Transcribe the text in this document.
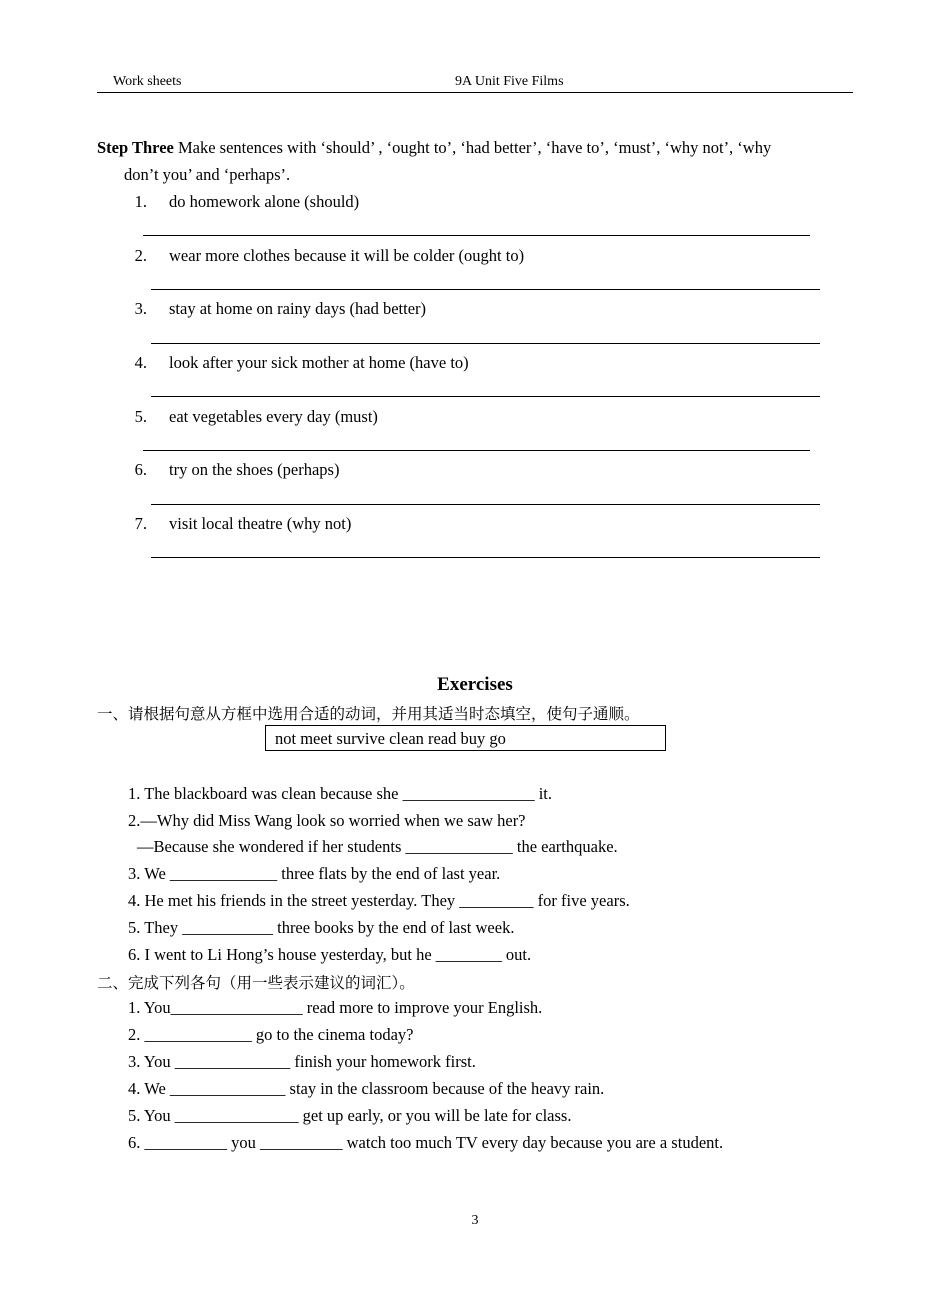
Work sheets	9A Unit Five Films
Step Three Make sentences with ‘should’ , ‘ought to’, ‘had better’, ‘have to’, ‘must’, ‘why not’, ‘why
don’t you’ and ‘perhaps’.
1. do homework alone (should)
2. wear more clothes because it will be colder (ought to)
3. stay at home on rainy days (had better)
4. look after your sick mother at home (have to)
5. eat vegetables every day (must)
6. try on the shoes (perhaps)
7. visit local theatre (why not)
Exercises
一、请根据句意从方框中选用合适的动词，并用其适当时态填空，使句子通顺。
not meet survive clean read buy go
1. The blackboard was clean because she ________________ it.
2.—Why did Miss Wang look so worried when we saw her?
—Because she wondered if her students _____________ the earthquake.
3. We _____________ three flats by the end of last year.
4. He met his friends in the street yesterday. They _________ for five years.
5. They ___________ three books by the end of last week.
6. I went to Li Hong’s house yesterday, but he ________ out.
二、完成下列各句（用一些表示建议的词汇）。
1. You________________ read more to improve your English.
2. _____________ go to the cinema today?
3. You ______________ finish your homework first.
4. We ______________ stay in the classroom because of the heavy rain.
5. You _______________ get up early, or you will be late for class.
6. __________ you __________ watch too much TV every day because you are a student.
3
